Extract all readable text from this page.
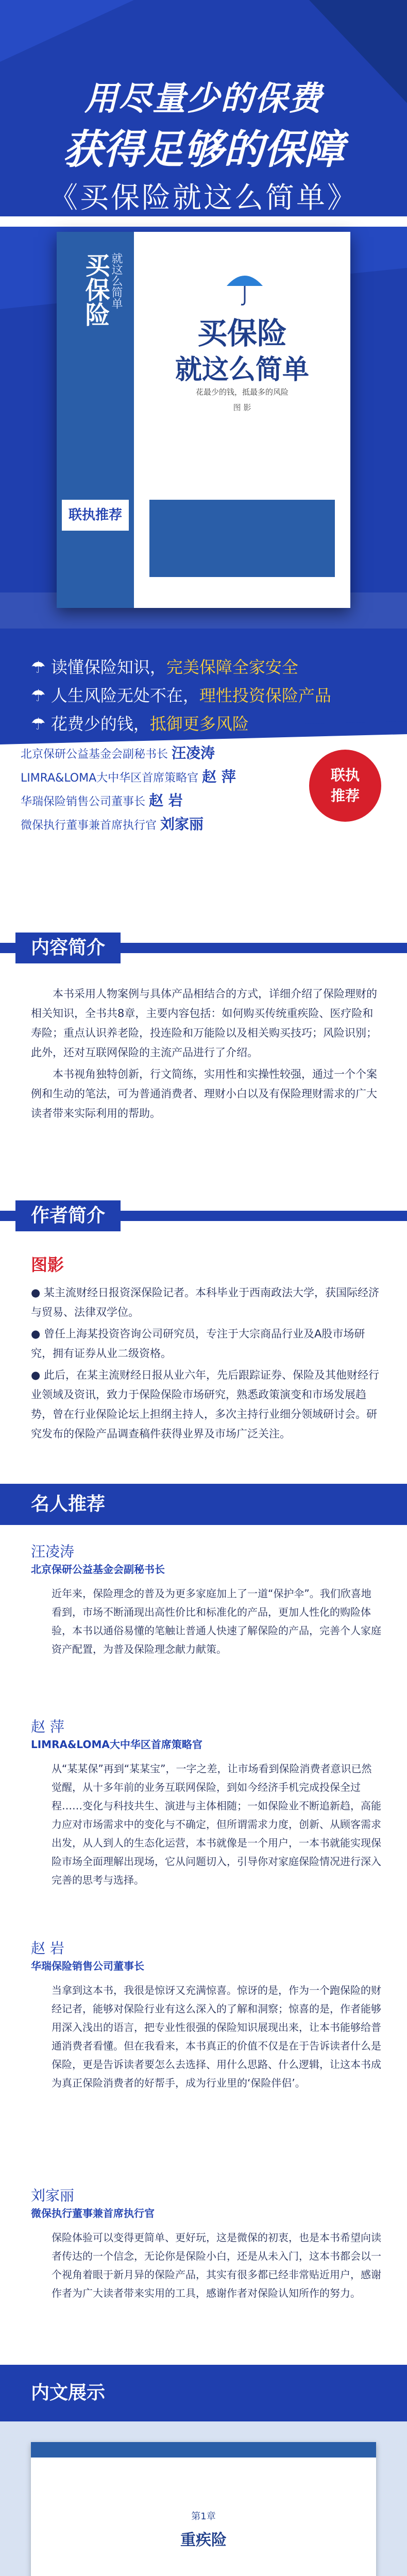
用尽量少的保费
获得足够的保障
《买保险就这么简单》
买保险 就这么简单
买保险
就这么简单
花最少的钱，抵最多的风险
图 影
联执推荐
☂ 读懂保险知识，完美保障全家安全
☂ 人生风险无处不在，理性投资保险产品
☂ 花费少的钱，抵御更多风险
北京保研公益基金会副秘书长 汪凌涛
LIMRA&LOMA大中华区首席策略官 赵 萍
华瑞保险销售公司董事长 赵 岩
微保执行董事兼首席执行官 刘家丽
联执
推荐
内容简介

本书采用人物案例与具体产品相结合的方式，详细介绍了保险理财的相关知识，全书共8章，主要内容包括：如何购买传统重疾险、医疗险和寿险；重点认识养老险，投连险和万能险以及相关购买技巧；风险识别；此外，还对互联网保险的主流产品进行了介绍。

本书视角独特创新，行文简练，实用性和实操性较强，通过一个个案例和生动的笔法，可为普通消费者、理财小白以及有保险理财需求的广大读者带来实际利用的帮助。

作者简介
图影

● 某主流财经日报资深保险记者。本科毕业于西南政法大学，获国际经济与贸易、法律双学位。

● 曾任上海某投资咨询公司研究员，专注于大宗商品行业及A股市场研究，拥有证券从业二级资格。

● 此后，在某主流财经日报从业六年，先后跟踪证券、保险及其他财经行业领域及资讯，致力于保险保险市场研究，熟悉政策演变和市场发展趋势，曾在行业保险论坛上担纲主持人，多次主持行业细分领域研讨会。研究发布的保险产品调查稿件获得业界及市场广泛关注。

名人推荐
汪凌涛
北京保研公益基金会副秘书长
近年来，保险理念的普及为更多家庭加上了一道“保护伞”。我们欣喜地看到，市场不断涌现出高性价比和标准化的产品，更加人性化的购险体验，本书以通俗易懂的笔触让普通人快速了解保险的产品，完善个人家庭资产配置，为普及保险理念献力献策。
赵 萍
LIMRA&LOMA大中华区首席策略官
从“某某保”再到“某某宝”，一字之差，让市场看到保险消费者意识已然觉醒，从十多年前的业务互联网保险，到如今经济手机完成投保全过程……变化与科技共生、演进与主体相随；一如保险业不断追新趋，高能力应对市场需求中的变化与不确定，但所谓需求力度，创新、从顾客需求出发，从人到人的生态化运营，本书就像是一个用户，一本书就能实现保险市场全面理解出现场，它从问题切入，引导你对家庭保险情况进行深入完善的思考与选择。
赵 岩
华瑞保险销售公司董事长
当拿到这本书，我很是惊讶又充满惊喜。惊讶的是，作为一个跑保险的财经记者，能够对保险行业有这么深入的了解和洞察；惊喜的是，作者能够用深入浅出的语言，把专业性很强的保险知识展现出来，让本书能够给普通消费者看懂。但在我看来，本书真正的价值不仅是在于告诉读者什么是保险，更是告诉读者要怎么去选择、用什么思路、什么逻辑，让这本书成为真正保险消费者的好帮手，成为行业里的‘保险伴侣’。
刘家丽
微保执行董事兼首席执行官
保险体验可以变得更简单、更好玩，这是微保的初衷，也是本书希望向读者传达的一个信念，无论你是保险小白，还是从未入门，这本书都会以一个视角着眼于新月异的保险产品，其实有很多都已经非常贴近用户，感谢作者为广大读者带来实用的工具，感谢作者对保险认知所作的努力。
内文展示
第1章
重疾险
